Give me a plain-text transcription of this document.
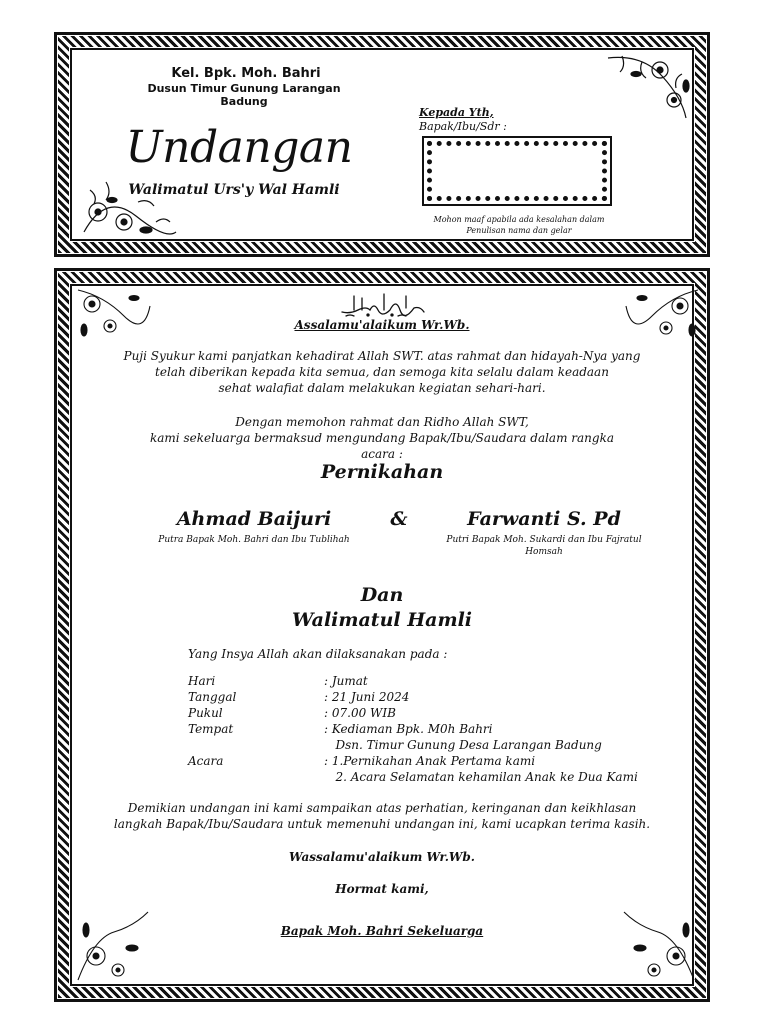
Kel. Bpk. Moh. Bahri
Dusun Timur Gunung Larangan
Badung
Undangan
Walimatul Urs'y Wal Hamli
Kepada Yth,
Bapak/Ibu/Sdr :
Mohon maaf apabila ada kesalahan dalam
Penulisan nama dan gelar
Assalamu'alaikum Wr.Wb.
Puji Syukur kami panjatkan kehadirat Allah SWT. atas rahmat dan hidayah-Nya yang
telah diberikan kepada kita semua, dan semoga kita selalu dalam keadaan
sehat walafiat dalam melakukan kegiatan sehari-hari.
Dengan memohon rahmat dan Ridho Allah SWT,
kami sekeluarga bermaksud mengundang Bapak/Ibu/Saudara dalam rangka
acara :
Pernikahan
Ahmad Baijuri	&	Farwanti S. Pd
Putra Bapak Moh. Bahri dan Ibu Tublihah	Putri Bapak Moh. Sukardi dan Ibu Fajratul
Homsah
Dan
Walimatul Hamli
Yang Insya Allah akan dilaksanakan pada :
Hari	: Jumat
Tanggal	: 21 Juni 2024
Pukul	: 07.00 WIB
Tempat	: Kediaman Bpk. M0h Bahri
Dsn. Timur Gunung Desa Larangan Badung
Acara	: 1.Pernikahan Anak Pertama kami
2. Acara Selamatan kehamilan Anak ke Dua Kami
Demikian undangan ini kami sampaikan atas perhatian, keringanan dan keikhlasan
langkah Bapak/Ibu/Saudara untuk memenuhi undangan ini, kami ucapkan terima kasih.
Wassalamu'alaikum Wr.Wb.
Hormat kami,
Bapak Moh. Bahri Sekeluarga
